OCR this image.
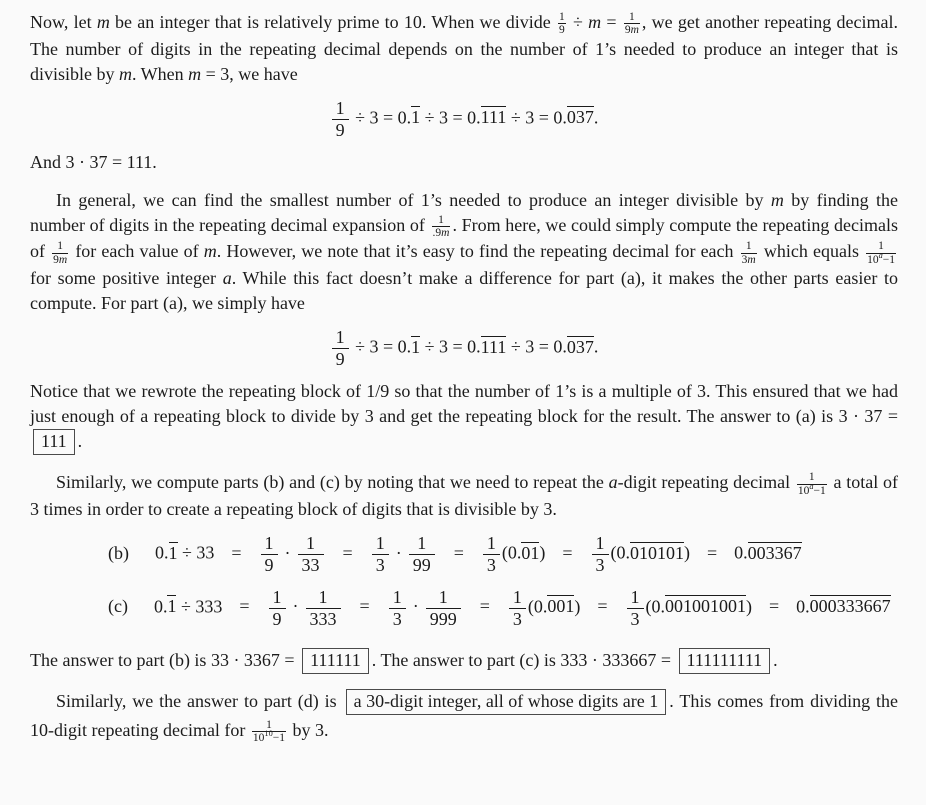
Now, let m be an integer that is relatively prime to 10. When we divide $\frac{1}{9} \div m = \frac{1}{9m}$ , we get another repeating decimal. The number of digits in the repeating decimal depends on the number of 1’s needed to produce an integer that is divisible by m. When m = 3, we have

$\frac{1}{9} \div 3 = 0.1 \div 3 = 0.111 \div 3 = 0.037$.

And 3 · 37 = 111.

In general, we can find the smallest number of 1’s needed to produce an integer divisible by m by finding the number of digits in the repeating decimal expansion of $\frac{1}{.9m}$ . From here, we could simply compute the repeating decimals of $\frac{1}{9m}$ for each value of m. However, we note that it’s easy to find the repeating decimal for each $\frac{1}{3m}$ which equals $\frac{1}{10^a-1}$
for some positive integer a. While this fact doesn’t make a difference for part (a), it makes the other parts easier to compute. For part (a), we simply have

$\frac{1}{9} \div 3 = 0.1 \div 3 = 0.111 \div 3 = 0.037$.

Notice that we rewrote the repeating block of 1/9 so that the number of 1’s is a multiple of 3. This ensured that we had just enough of a repeating block to divide by 3 and get the repeating block for the result. The answer to (a) is 3 · 37 = 111 .

Similarly, we compute parts (b) and (c) by noting that we need to repeat the a-digit repeating decimal $\frac{1}{10^a-1}$ a total of 3 times in order to create a repeating block of digits that is divisible by 3.

(b) $0.1 \div 33 = \frac{1}{9} \cdot \frac{1}{33} = \frac{1}{3} \cdot \frac{1}{99} = \frac{1}{3} (0.01) = \frac{1}{3} (0.010101) = 0.003367$
(c) $0.1 \div 333 = \frac{1}{9} \cdot \frac{1}{333} = \frac{1}{3} \cdot \frac{1}{999} = \frac{1}{3} (0.001) = \frac{1}{3} (0.001001001) = 0.000333667$

The answer to part (b) is 33 · 3367 = 111111 . The answer to part (c) is 333 · 333667 = 111111111 .

Similarly, we the answer to part (d) is a 30-digit integer, all of whose digits are 1 . This comes from dividing the 10-digit repeating decimal for $\frac{1}{10^{10}-1}$ by 3.
